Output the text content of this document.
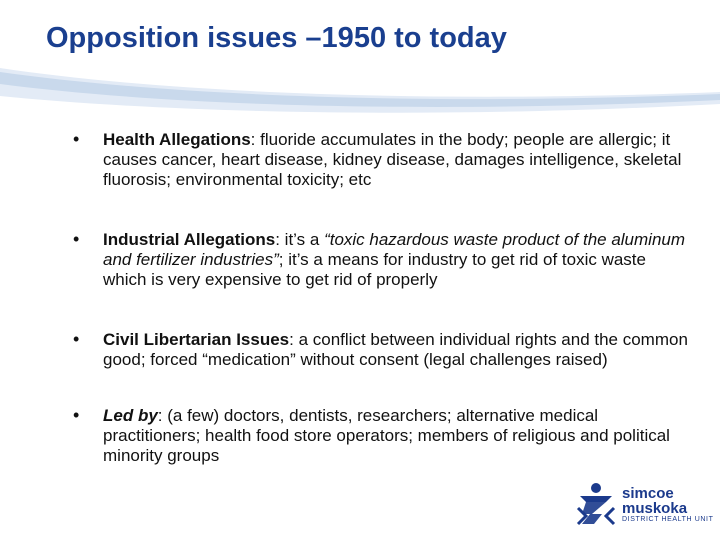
Opposition issues –1950 to today
• Health Allegations: fluoride accumulates in the body; people are allergic; it causes cancer, heart disease, kidney disease, damages intelligence, skeletal fluorosis; environmental toxicity; etc
• Industrial Allegations: it’s a “toxic hazardous waste product of the aluminum and fertilizer industries”; it’s a means for industry to get rid of toxic waste which is very expensive to get rid of properly
• Civil Libertarian Issues: a conflict between individual rights and the common good; forced “medication” without consent (legal challenges raised)
• Led by: (a few) doctors, dentists, researchers; alternative medical practitioners; health food store operators; members of religious and political minority groups
simcoe
muskoka
DISTRICT HEALTH UNIT
